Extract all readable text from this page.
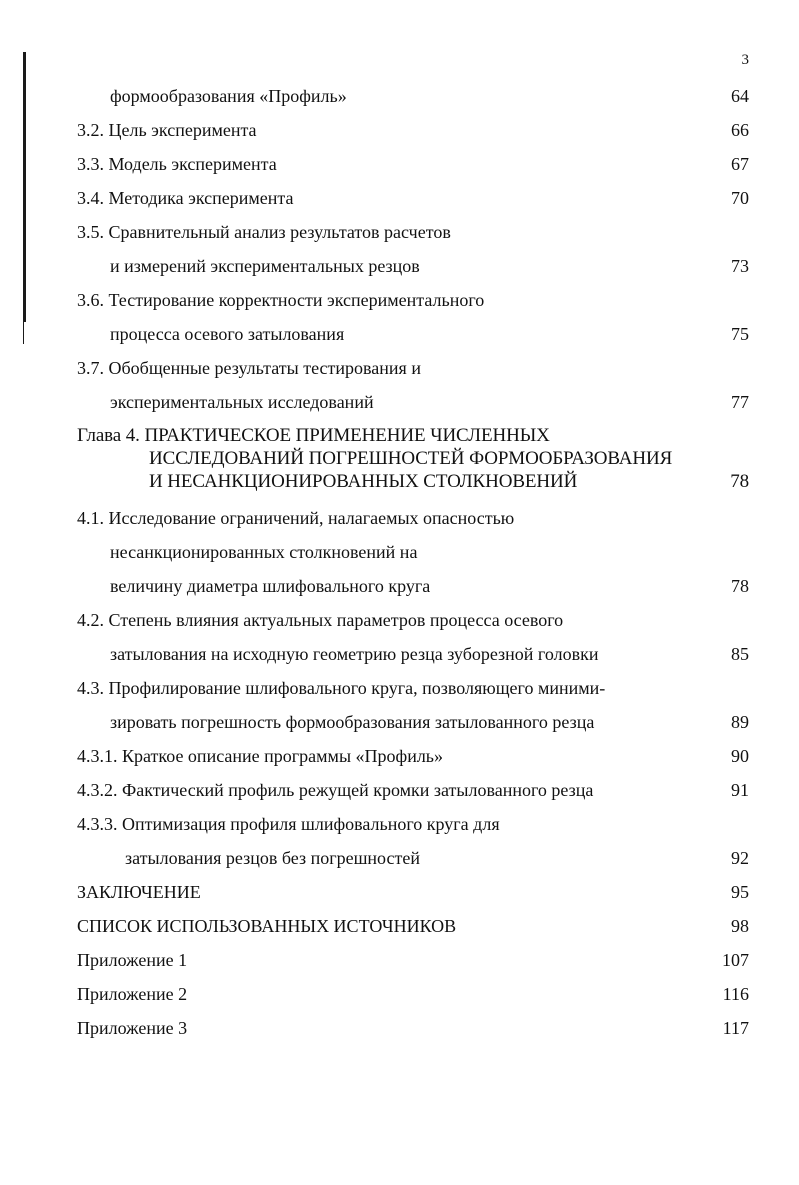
3
формообразования «Профиль»	64
3.2. Цель эксперимента	66
3.3. Модель эксперимента	67
3.4. Методика эксперимента	70
3.5. Сравнительный анализ результатов расчетов
и измерений экспериментальных резцов	73
3.6. Тестирование корректности экспериментального
процесса осевого затылования	75
3.7. Обобщенные результаты тестирования и
экспериментальных исследований	77
Глава 4. ПРАКТИЧЕСКОЕ ПРИМЕНЕНИЕ ЧИСЛЕННЫХ
ИССЛЕДОВАНИЙ ПОГРЕШНОСТЕЙ ФОРМООБРАЗОВАНИЯ
И НЕСАНКЦИОНИРОВАННЫХ СТОЛКНОВЕНИЙ	78
4.1. Исследование ограничений, налагаемых опасностью
несанкционированных столкновений на
величину диаметра шлифовального круга	78
4.2. Степень влияния актуальных параметров процесса осевого
затылования на исходную геометрию резца зуборезной головки	85
4.3. Профилирование шлифовального круга, позволяющего миними-
зировать погрешность формообразования затылованного резца	89
4.3.1. Краткое описание программы «Профиль»	90
4.3.2. Фактический профиль режущей кромки затылованного резца	91
4.3.3. Оптимизация профиля шлифовального круга для
затылования резцов без погрешностей	92
ЗАКЛЮЧЕНИЕ	95
СПИСОК ИСПОЛЬЗОВАННЫХ ИСТОЧНИКОВ	98
Приложение 1	107
Приложение 2	116
Приложение 3	117
